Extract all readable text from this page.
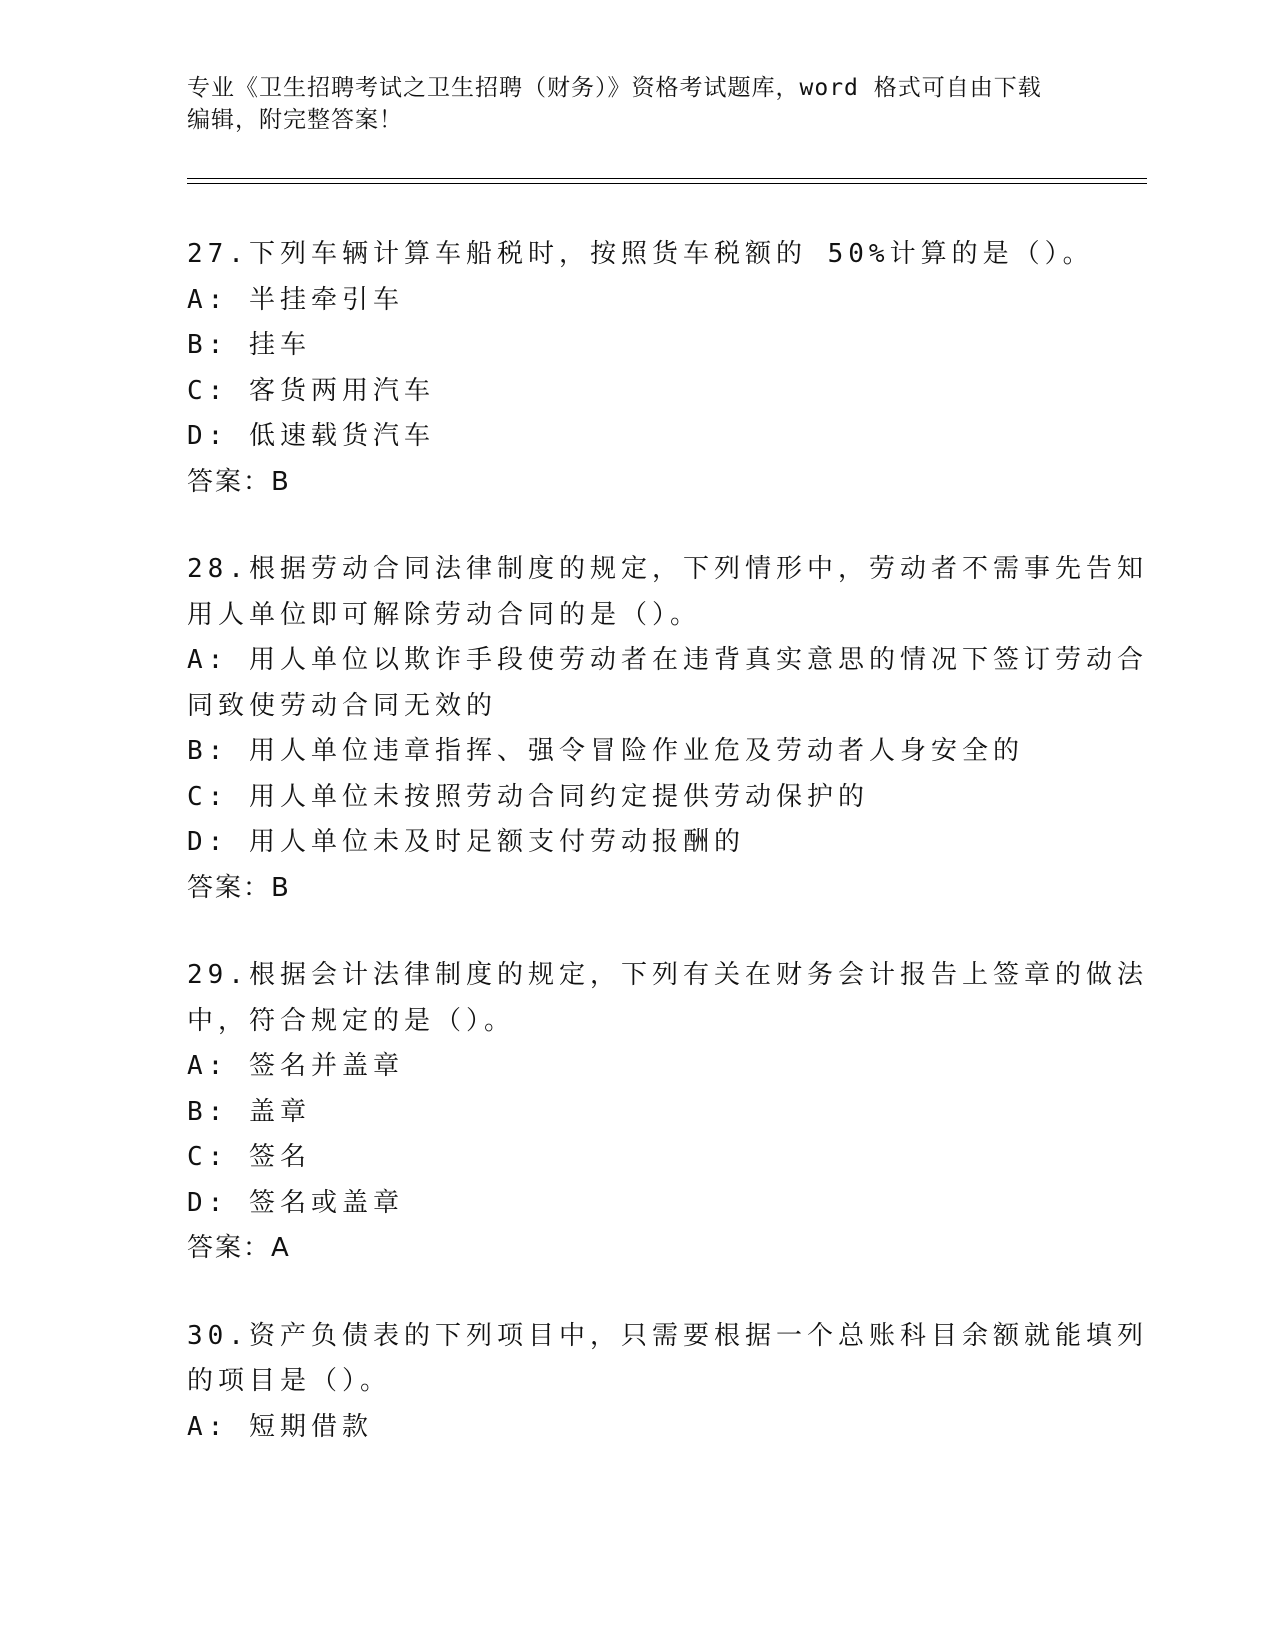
专业《卫生招聘考试之卫生招聘（财务）》资格考试题库，word 格式可自由下载

编辑，附完整答案！

27.下列车辆计算车船税时，按照货车税额的 50%计算的是（）。

A: 半挂牵引车

B: 挂车

C: 客货两用汽车

D: 低速载货汽车

答案：B

28.根据劳动合同法律制度的规定，下列情形中，劳动者不需事先告知

用人单位即可解除劳动合同的是（）。

A: 用人单位以欺诈手段使劳动者在违背真实意思的情况下签订劳动合

同致使劳动合同无效的

B: 用人单位违章指挥、强令冒险作业危及劳动者人身安全的

C: 用人单位未按照劳动合同约定提供劳动保护的

D: 用人单位未及时足额支付劳动报酬的

答案：B

29.根据会计法律制度的规定，下列有关在财务会计报告上签章的做法

中，符合规定的是（）。

A: 签名并盖章

B: 盖章

C: 签名

D: 签名或盖章

答案：A

30.资产负债表的下列项目中，只需要根据一个总账科目余额就能填列

的项目是（）。

A: 短期借款
